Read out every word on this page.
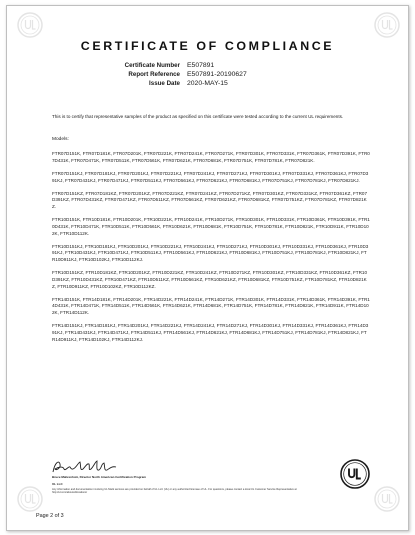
CERTIFICATE OF COMPLIANCE
Certificate Number E507891
Report Reference E507891-20190627
Issue Date 2020-MAY-15
This is to certify that representative samples of the product as specified on this certificate were tested according to the current UL requirements.
Models:
FTR07D151K, FTR07D181K, FTR07D201K, FTR07D221K, FTR07D241K, FTR07D271K, FTR07D301K, FTR07D331K, FTR07D361K, FTR07D391K, FTR07D431K, FTR07D471K, FTR07D511K, FTR07D561K, FTR07D621K, FTR07D681K, FTR07D751K, FTR07D781K, FTR07D821K.
FTR07D151KJ, FTR07D181KJ, FTR07D201KJ, FTR07D221KJ, FTR07D241KJ, FTR07D271KJ, FTR07D301KJ, FTR07D331KJ, FTR07D361KJ, FTR07D391KJ, FTR07D431KJ, FTR07D471KJ, FTR07D511KJ, FTR07D561KJ, FTR07D621KJ, FTR07D681KJ, FTR07D751KJ, FTR07D781KJ, FTR07D821KJ.
FTR07D151KZ, FTR07D181KZ, FTR07D201KZ, FTR07D221KZ, FTR07D241KZ, FTR07D271KZ, FTR07D301KZ, FTR07D331KZ, FTR07D361KZ, FTR07D391KZ, FTR07D431KZ, FTR07D471KZ, FTR07D511KZ, FTR07D561KZ, FTR07D621KZ, FTR07D681KZ, FTR07D751KZ, FTR07D781KZ, FTR07D821KZ.
FTR10D151K, FTR10D181K, FTR10D201K, FTR10D221K, FTR10D241K, FTR10D271K, FTR10D301K, FTR10D331K, FTR10D361K, FTR10D391K, FTR10D431K, FTR10D471K, FTR10D511K, FTR10D561K, FTR10D621K, FTR10D681K, FTR10D751K, FTR10D781K, FTR10D821K, FTR10D911K, FTR10D102K, FTR10D112K.
FTR10D151KJ, FTR10D181KJ, FTR10D201KJ, FTR10D221KJ, FTR10D241KJ, FTR10D271KJ, FTR10D301KJ, FTR10D331KJ, FTR10D361KJ, FTR10D391KJ, FTR10D431KJ, FTR10D471KJ, FTR10D511KJ, FTR10D561KJ, FTR10D621KJ, FTR10D681KJ, FTR10D751KJ, FTR10D781KJ, FTR10D821KJ, FTR10D911KJ, FTR10D102KJ, FTR10D112KJ.
FTR10D151KZ, FTR10D181KZ, FTR10D201KZ, FTR10D221KZ, FTR10D241KZ, FTR10D271KZ, FTR10D301KZ, FTR10D331KZ, FTR10D361KZ, FTR10D391KZ, FTR10D431KZ, FTR10D471KZ, FTR10D511KZ, FTR10D561KZ, FTR10D621KZ, FTR10D681KZ, FTR10D751KZ, FTR10D781KZ, FTR10D821KZ, FTR10D911KZ, FTR10D102KZ, FTR10D112KZ.
FTR14D151K, FTR14D181K, FTR14D201K, FTR14D221K, FTR14D241K, FTR14D271K, FTR14D301K, FTR14D331K, FTR14D361K, FTR14D391K, FTR14D431K, FTR14D471K, FTR14D511K, FTR14D561K, FTR14D621K, FTR14D681K, FTR14D751K, FTR14D781K, FTR14D821K, FTR14D911K, FTR14D102K, FTR14D112K.
FTR14D151KJ, FTR14D181KJ, FTR14D201KJ, FTR14D221KJ, FTR14D241KJ, FTR14D271KJ, FTR14D301KJ, FTR14D331KJ, FTR14D361KJ, FTR14D391KJ, FTR14D431KJ, FTR14D471KJ, FTR14D511KJ, FTR14D561KJ, FTR14D621KJ, FTR14D681KJ, FTR14D751KJ, FTR14D781KJ, FTR14D821KJ, FTR14D911KJ, FTR14D102KJ, FTR14D112KJ.
Bruce Mahrenholz, Director North American Certification Program
UL LLC
Any information and documentation involving UL Mark services are provided on behalf of UL LLC (UL) or any authorized licensee of UL. For questions, please contact a local UL Customer Service Representative at http://ul.com/aboutul/locations/
Page 2 of 3
